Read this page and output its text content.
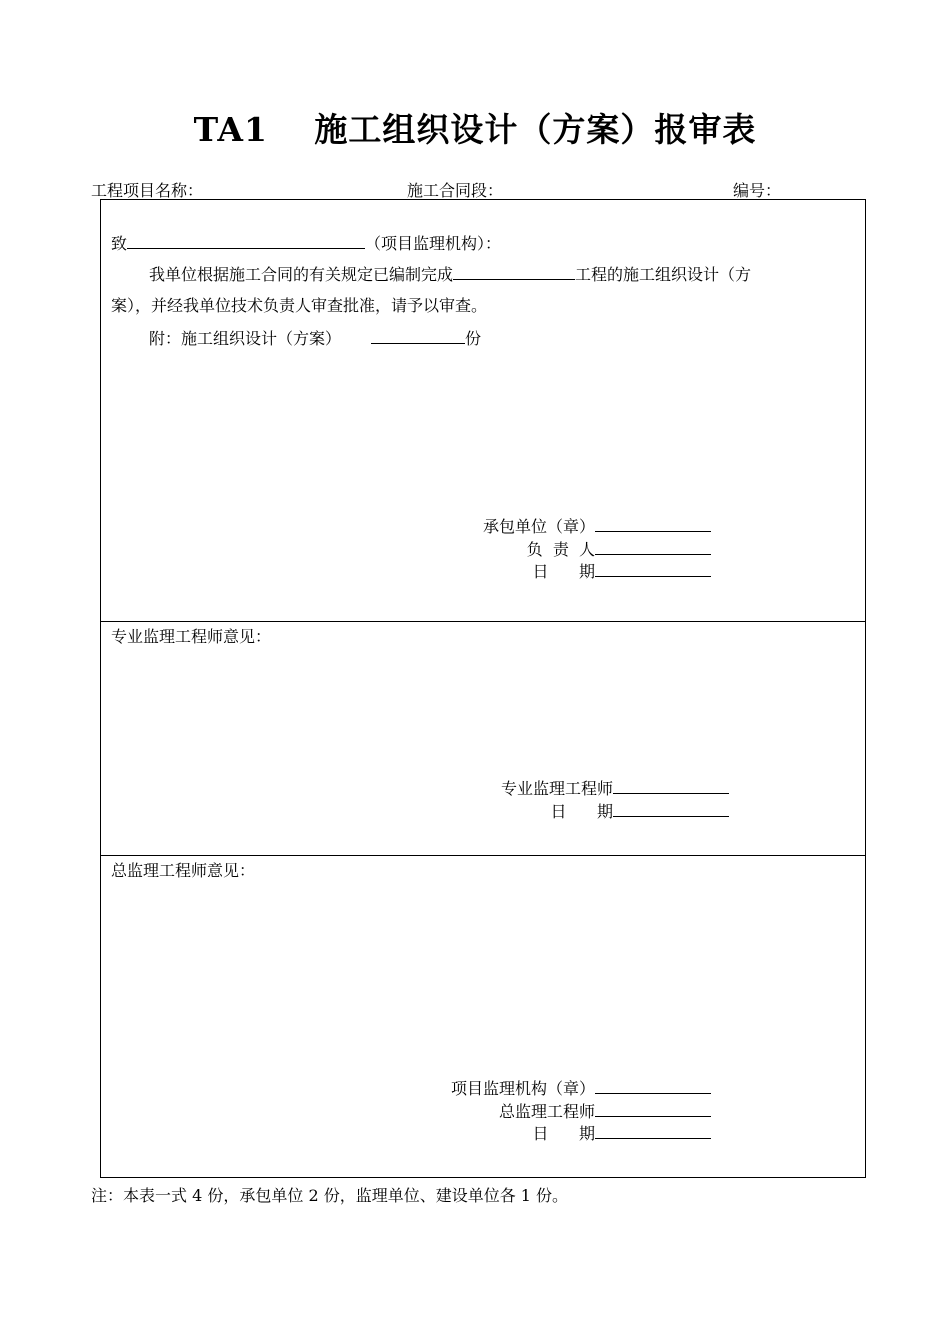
TA1　 施工组织设计（方案）报审表
工程项目名称：	施工合同段：	编号：
致	（项目监理机构）：
我单位根据施工合同的有关规定已编制完成	工程的施工组织设计（方
案），并经我单位技术负责人审查批准，请予以审查。
附：施工组织设计（方案）	份
承包单位（章）
负  责  人
日      期
专业监理工程师意见：
专业监理工程师
日      期
总监理工程师意见：
项目监理机构（章）
总监理工程师
日      期
注：本表一式 4 份，承包单位 2 份，监理单位、建设单位各 1 份。
